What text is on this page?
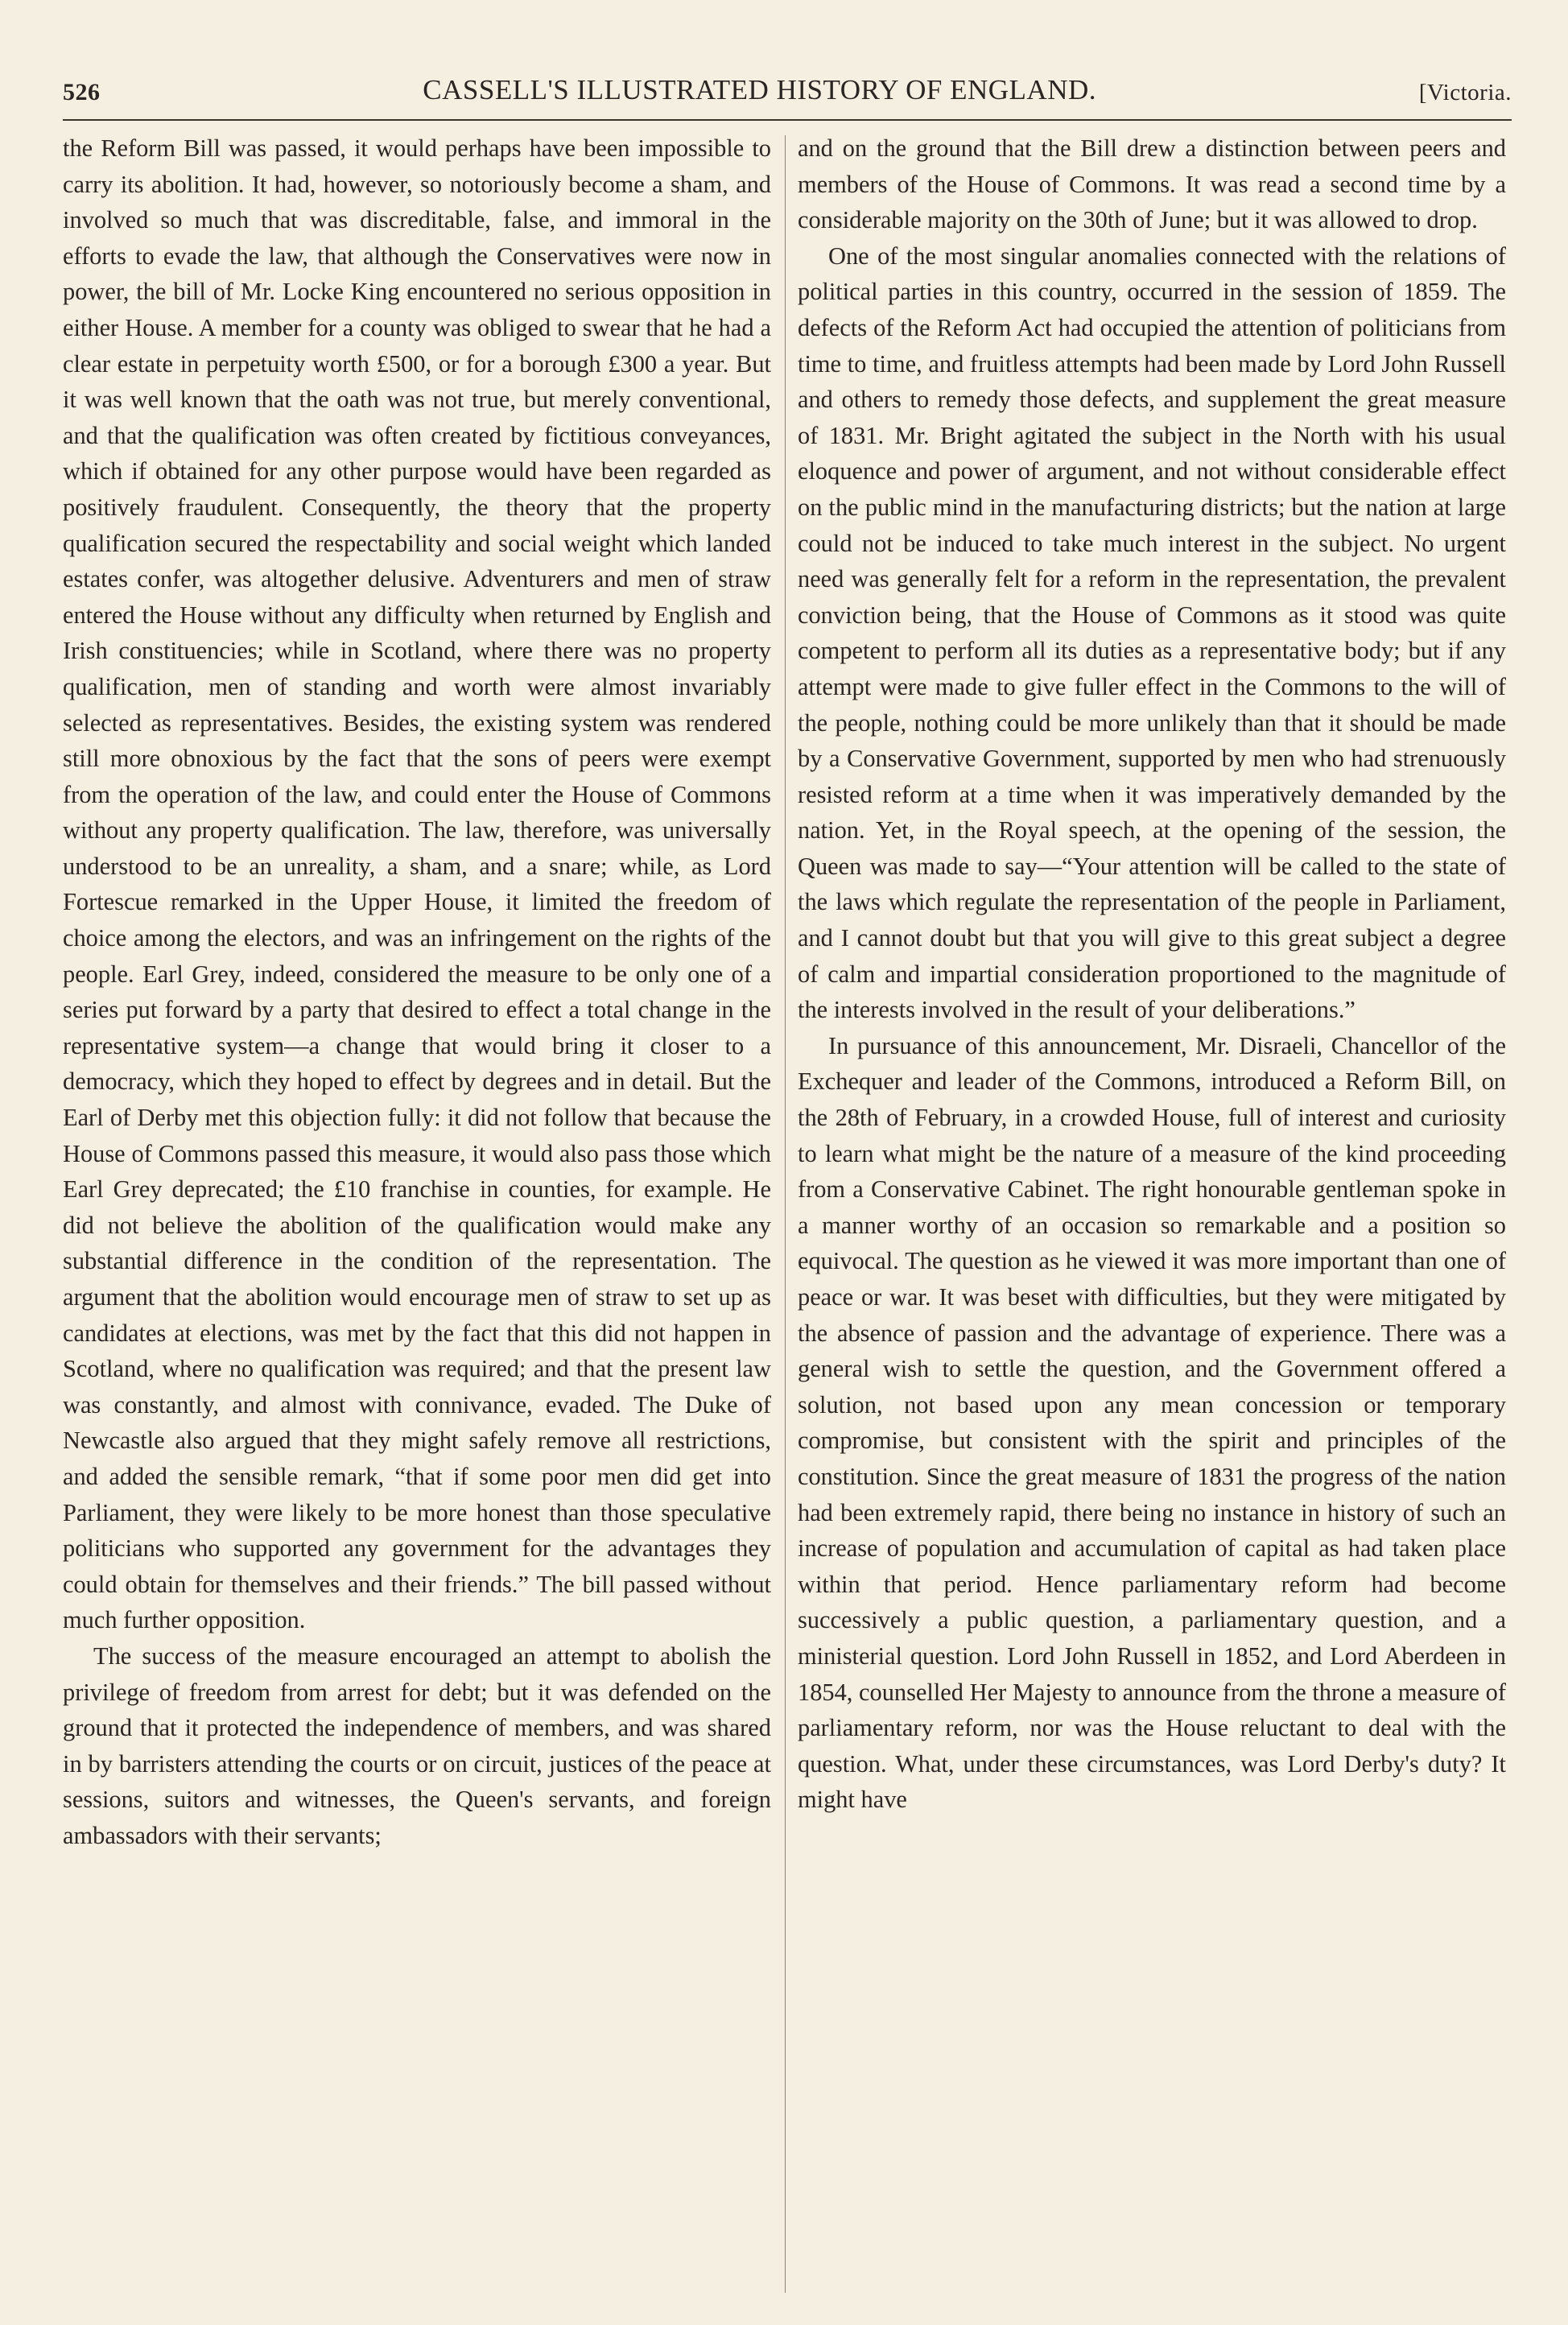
526	CASSELL'S ILLUSTRATED HISTORY OF ENGLAND.	[Victoria.

the Reform Bill was passed, it would perhaps have been impossible to carry its abolition. It had, however, so notoriously become a sham, and involved so much that was discreditable, false, and immoral in the efforts to evade the law, that although the Conservatives were now in power, the bill of Mr. Locke King encountered no serious opposition in either House. A member for a county was obliged to swear that he had a clear estate in perpetuity worth £500, or for a borough £300 a year. But it was well known that the oath was not true, but merely conventional, and that the qualification was often created by fictitious conveyances, which if obtained for any other purpose would have been regarded as positively fraudulent. Consequently, the theory that the property qualification secured the respectability and social weight which landed estates confer, was altogether delusive. Adventurers and men of straw entered the House without any difficulty when returned by English and Irish constituencies; while in Scotland, where there was no property qualification, men of standing and worth were almost invariably selected as representatives. Besides, the existing system was rendered still more obnoxious by the fact that the sons of peers were exempt from the operation of the law, and could enter the House of Commons without any property qualification. The law, therefore, was universally understood to be an unreality, a sham, and a snare; while, as Lord Fortescue remarked in the Upper House, it limited the freedom of choice among the electors, and was an infringement on the rights of the people. Earl Grey, indeed, considered the measure to be only one of a series put forward by a party that desired to effect a total change in the representative system—a change that would bring it closer to a democracy, which they hoped to effect by degrees and in detail. But the Earl of Derby met this objection fully: it did not follow that because the House of Commons passed this measure, it would also pass those which Earl Grey deprecated; the £10 franchise in counties, for example. He did not believe the abolition of the qualification would make any substantial difference in the condition of the representation. The argument that the abolition would encourage men of straw to set up as candidates at elections, was met by the fact that this did not happen in Scotland, where no qualification was required; and that the present law was constantly, and almost with connivance, evaded. The Duke of Newcastle also argued that they might safely remove all restrictions, and added the sensible remark, “that if some poor men did get into Parliament, they were likely to be more honest than those speculative politicians who supported any government for the advantages they could obtain for themselves and their friends.” The bill passed without much further opposition.

The success of the measure encouraged an attempt to abolish the privilege of freedom from arrest for debt; but it was defended on the ground that it protected the independence of members, and was shared in by barristers attending the courts or on circuit, justices of the peace at sessions, suitors and witnesses, the Queen's servants, and foreign ambassadors with their servants;

and on the ground that the Bill drew a distinction between peers and members of the House of Commons. It was read a second time by a considerable majority on the 30th of June; but it was allowed to drop.

One of the most singular anomalies connected with the relations of political parties in this country, occurred in the session of 1859. The defects of the Reform Act had occupied the attention of politicians from time to time, and fruitless attempts had been made by Lord John Russell and others to remedy those defects, and supplement the great measure of 1831. Mr. Bright agitated the subject in the North with his usual eloquence and power of argument, and not without considerable effect on the public mind in the manufacturing districts; but the nation at large could not be induced to take much interest in the subject. No urgent need was generally felt for a reform in the representation, the prevalent conviction being, that the House of Commons as it stood was quite competent to perform all its duties as a representative body; but if any attempt were made to give fuller effect in the Commons to the will of the people, nothing could be more unlikely than that it should be made by a Conservative Government, supported by men who had strenuously resisted reform at a time when it was imperatively demanded by the nation. Yet, in the Royal speech, at the opening of the session, the Queen was made to say—“Your attention will be called to the state of the laws which regulate the representation of the people in Parliament, and I cannot doubt but that you will give to this great subject a degree of calm and impartial consideration proportioned to the magnitude of the interests involved in the result of your deliberations.”

In pursuance of this announcement, Mr. Disraeli, Chancellor of the Exchequer and leader of the Commons, introduced a Reform Bill, on the 28th of February, in a crowded House, full of interest and curiosity to learn what might be the nature of a measure of the kind proceeding from a Conservative Cabinet. The right honourable gentleman spoke in a manner worthy of an occasion so remarkable and a position so equivocal. The question as he viewed it was more important than one of peace or war. It was beset with difficulties, but they were mitigated by the absence of passion and the advantage of experience. There was a general wish to settle the question, and the Government offered a solution, not based upon any mean concession or temporary compromise, but consistent with the spirit and principles of the constitution. Since the great measure of 1831 the progress of the nation had been extremely rapid, there being no instance in history of such an increase of population and accumulation of capital as had taken place within that period. Hence parliamentary reform had become successively a public question, a parliamentary question, and a ministerial question. Lord John Russell in 1852, and Lord Aberdeen in 1854, counselled Her Majesty to announce from the throne a measure of parliamentary reform, nor was the House reluctant to deal with the question. What, under these circumstances, was Lord Derby's duty? It might have
